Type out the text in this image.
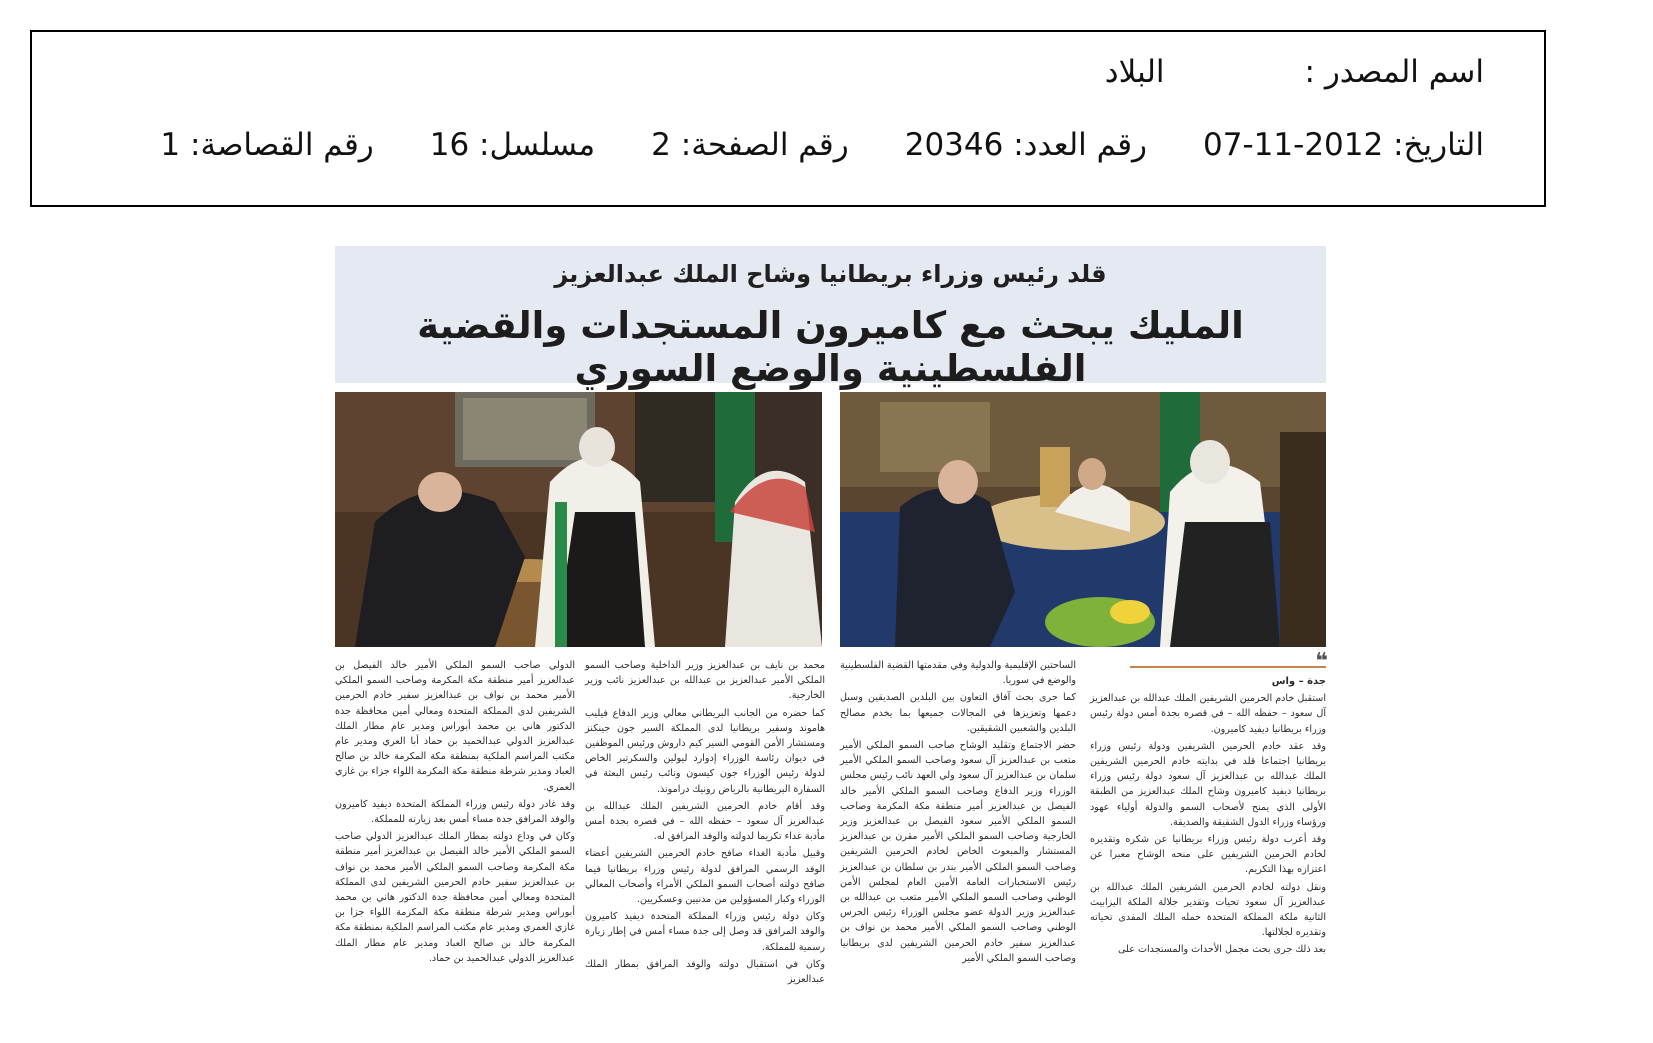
اسم المصدر :البلاد
التاريخ: 2012-11-07رقم العدد: 20346رقم الصفحة: 2مسلسل: 16رقم القصاصة: 1
قلد رئيس وزراء بريطانيا وشاح الملك عبدالعزيز
المليك يبحث مع كاميرون المستجدات والقضية الفلسطينية والوضع السوري
❝
جدة – واس

استقبل خادم الحرمين الشريفين الملك عبدالله بن عبدالعزيز آل سعود – حفظه الله – في قصره بجدة أمس دولة رئيس وزراء بريطانيا ديفيد كاميرون.

وقد عقد خادم الحرمين الشريفين ودولة رئيس وزراء بريطانيا اجتماعا قلد في بدايته خادم الحرمين الشريفين الملك عبدالله بن عبدالعزيز آل سعود دولة رئيس وزراء بريطانيا ديفيد كاميرون وشاح الملك عبدالعزيز من الطبقة الأولى الذي يمنح لأصحاب السمو والدولة أولياء عهود ورؤساء وزراء الدول الشقيقة والصديقة.

وقد أعرب دولة رئيس وزراء بريطانيا عن شكره وتقديره لخادم الحرمين الشريفين على منحه الوشاح معبرا عن اعتزازه بهذا التكريم.

ونقل دولته لخادم الحرمين الشريفين الملك عبدالله بن عبدالعزيز آل سعود تحيات وتقدير جلالة الملكة اليزابيث الثانية ملكة المملكة المتحدة حمله الملك المفدى تحياته وتقديره لجلالتها.

بعد ذلك جرى بحث مجمل الأحداث والمستجدات على

الساحتين الإقليمية والدولية وفي مقدمتها القضية الفلسطينية والوضع في سوريا.

كما جرى بحث آفاق التعاون بين البلدين الصديقين وسبل دعمها وتعزيزها في المجالات جميعها بما يخدم مصالح البلدين والشعبين الشقيقين.

حضر الاجتماع وتقليد الوشاح صاحب السمو الملكي الأمير متعب بن عبدالعزيز آل سعود وصاحب السمو الملكي الأمير سلمان بن عبدالعزيز آل سعود ولي العهد نائب رئيس مجلس الوزراء وزير الدفاع وصاحب السمو الملكي الأمير خالد الفيصل بن عبدالعزيز أمير منطقة مكة المكرمة وصاحب السمو الملكي الأمير سعود الفيصل بن عبدالعزيز وزير الخارجية وصاحب السمو الملكي الأمير مقرن بن عبدالعزيز المستشار والمبعوث الخاص لخادم الحرمين الشريفين وصاحب السمو الملكي الأمير بندر بن سلطان بن عبدالعزيز رئيس الاستخبارات العامة الأمين العام لمجلس الأمن الوطني وصاحب السمو الملكي الأمير متعب بن عبدالله بن عبدالعزيز وزير الدولة عضو مجلس الوزراء رئيس الحرس الوطني وصاحب السمو الملكي الأمير محمد بن نواف بن عبدالعزيز سفير خادم الحرمين الشريفين لدى بريطانيا وصاحب السمو الملكي الأمير

محمد بن نايف بن عبدالعزيز وزير الداخلية وصاحب السمو الملكي الأمير عبدالعزيز بن عبدالله بن عبدالعزيز نائب وزير الخارجية.

كما حضره من الجانب البريطاني معالي وزير الدفاع فيليب هاموند وسفير بريطانيا لدى المملكة السير جون جينكنز ومستشار الأمن القومي السير كيم داروش ورئيس الموظفين في ديوان رئاسة الوزراء إدوارد ليولين والسكرتير الخاص لدولة رئيس الوزراء جون كيسون ونائب رئيس البعثة في السفارة البريطانية بالرياض رونيك درامونذ.

وقد أقام خادم الحرمين الشريفين الملك عبدالله بن عبدالعزيز آل سعود – حفظه الله – في قصره بجدة أمس مأدبة غداء تكريما لدولته والوفد المرافق له.

وقبيل مأدبة الغداء صافح خادم الحرمين الشريفين أعضاء الوفد الرسمي المرافق لدولة رئيس وزراء بريطانيا فيما صافح دولته أصحاب السمو الملكي الأمراء وأصحاب المعالي الوزراء وكبار المسؤولين من مدنيين وعسكريين.

وكان دولة رئيس وزراء المملكة المتحدة ديفيد كاميرون والوفد المرافق قد وصل إلى جدة مساء أمس في إطار زيارة رسمية للمملكة.

وكان في استقبال دولته والوفد المرافق بمطار الملك عبدالعزيز

الدولي صاحب السمو الملكي الأمير خالد الفيصل بن عبدالعزيز أمير منطقة مكة المكرمة وصاحب السمو الملكي الأمير محمد بن نواف بن عبدالعزيز سفير خادم الحرمين الشريفين لدى المملكة المتحدة ومعالي أمين محافظة جدة الدكتور هاني بن محمد أبوراس ومدير عام مطار الملك عبدالعزيز الدولي عبدالحميد بن حماد أبا العري ومدير عام مكتب المراسم الملكية بمنطقة مكة المكرمة خالد بن صالح العباد ومدير شرطة منطقة مكة المكرمة اللواء جزاء بن غازي العمري.

وقد غادر دولة رئيس وزراء المملكة المتحدة ديفيد كاميرون والوفد المرافق جدة مساء أمس بعد زيارته للمملكة.

وكان في وداع دولته بمطار الملك عبدالعزيز الدولي صاحب السمو الملكي الأمير خالد الفيصل بن عبدالعزيز أمير منطقة مكة المكرمة وصاحب السمو الملكي الأمير محمد بن نواف بن عبدالعزيز سفير خادم الحرمين الشريفين لدى المملكة المتحدة ومعالي أمين محافظة جدة الدكتور هاني بن محمد أبوراس ومدير شرطة منطقة مكة المكرمة اللواء جزا بن غازي العمري ومدير عام مكتب المراسم الملكية بمنطقة مكة المكرمة خالد بن صالح العباد ومدير عام مطار الملك عبدالعزيز الدولي عبدالحميد بن حماد.
